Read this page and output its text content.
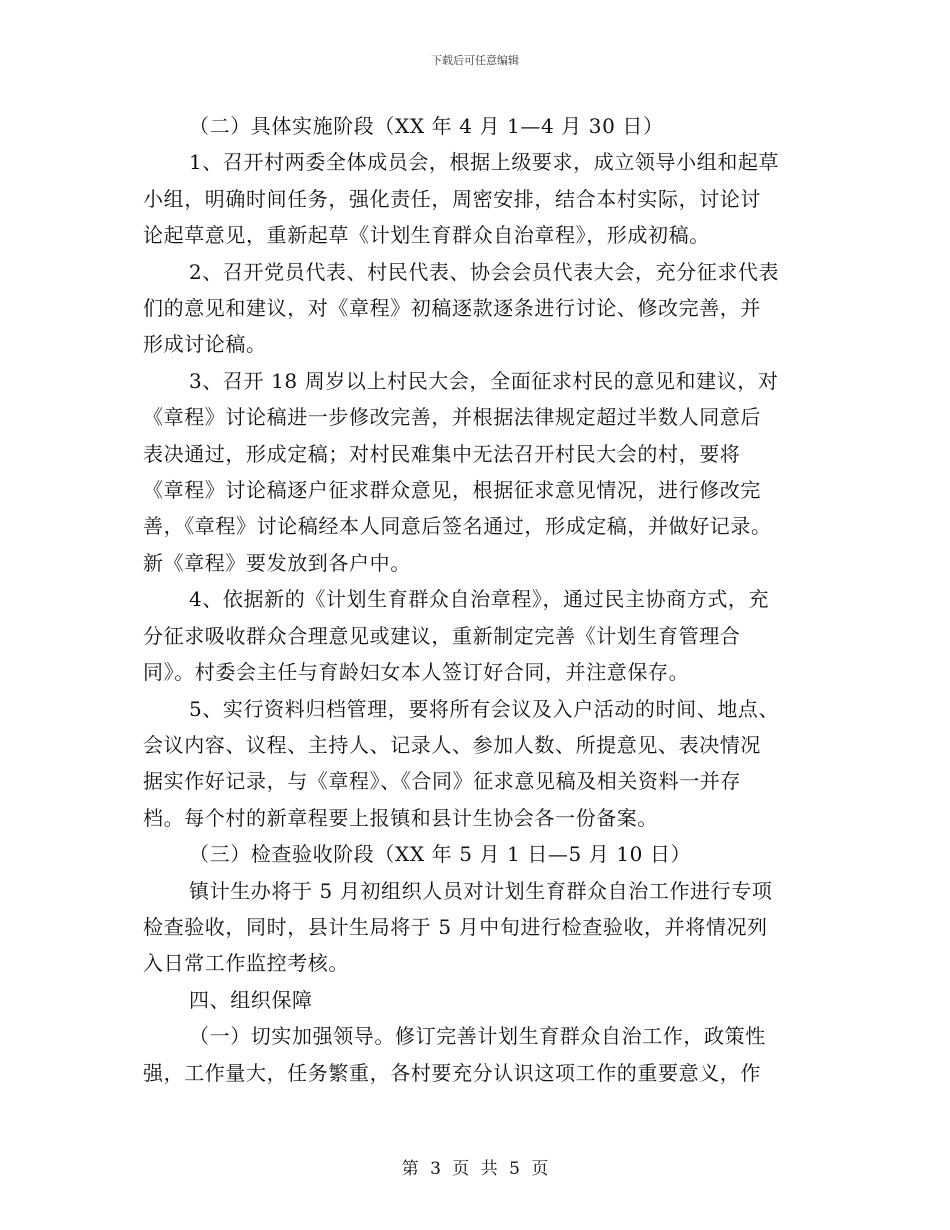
下载后可任意编辑
（二）具体实施阶段（XX 年 4 月 1—4 月 30 日）
1、召开村两委全体成员会，根据上级要求，成立领导小组和起草
小组，明确时间任务，强化责任，周密安排，结合本村实际，讨论讨
论起草意见，重新起草《计划生育群众自治章程》，形成初稿。
2、召开党员代表、村民代表、协会会员代表大会，充分征求代表
们的意见和建议，对《章程》初稿逐款逐条进行讨论、修改完善，并
形成讨论稿。
3、召开 18 周岁以上村民大会，全面征求村民的意见和建议，对
《章程》讨论稿进一步修改完善，并根据法律规定超过半数人同意后
表决通过，形成定稿；对村民难集中无法召开村民大会的村，要将
《章程》讨论稿逐户征求群众意见，根据征求意见情况，进行修改完
善，《章程》讨论稿经本人同意后签名通过，形成定稿，并做好记录。
新《章程》要发放到各户中。
4、依据新的《计划生育群众自治章程》，通过民主协商方式，充
分征求吸收群众合理意见或建议，重新制定完善《计划生育管理合
同》。村委会主任与育龄妇女本人签订好合同，并注意保存。
5、实行资料归档管理，要将所有会议及入户活动的时间、地点、
会议内容、议程、主持人、记录人、参加人数、所提意见、表决情况
据实作好记录，与《章程》、《合同》征求意见稿及相关资料一并存
档。每个村的新章程要上报镇和县计生协会各一份备案。
（三）检查验收阶段（XX 年 5 月 1 日—5 月 10 日）
镇计生办将于 5 月初组织人员对计划生育群众自治工作进行专项
检查验收，同时，县计生局将于 5 月中旬进行检查验收，并将情况列
入日常工作监控考核。
四、组织保障
（一）切实加强领导。修订完善计划生育群众自治工作，政策性
强，工作量大，任务繁重，各村要充分认识这项工作的重要意义，作
第 3 页 共 5 页
